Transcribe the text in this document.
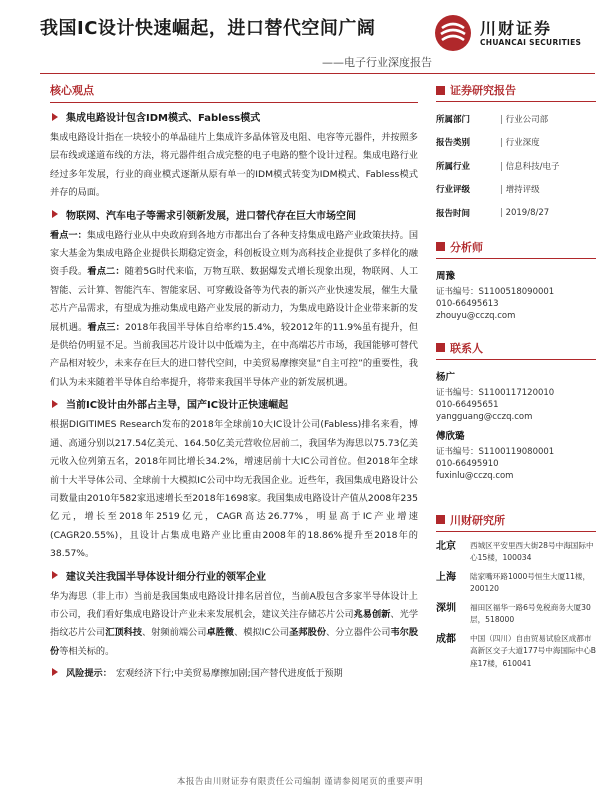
我国IC设计快速崛起，进口替代空间广阔
——电子行业深度报告
川财证券
CHUANCAI SECURITIES
核心观点
集成电路设计包含IDM模式、Fabless模式

集成电路设计指在一块较小的单晶硅片上集成许多晶体管及电阻、电容等元器件，并按照多层布线或遂道布线的方法，将元器件组合成完整的电子电路的整个设计过程。集成电路行业经过多年发展，行业的商业模式逐渐从原有单一的IDM模式转变为IDM模式、Fabless模式并存的局面。

物联网、汽车电子等需求引领新发展，进口替代存在巨大市场空间

看点一：集成电路行业从中央政府到各地方市都出台了各种支持集成电路产业政策扶持。国家大基金为集成电路企业提供长期稳定资金，科创板设立则为高科技企业提供了多样化的融资手段。看点二：随着5G时代来临，万物互联、数据爆发式增长现象出现，物联网、人工智能、云计算、智能汽车、智能家居、可穿戴设备等为代表的新兴产业快速发展，催生大量芯片产品需求，有望成为推动集成电路产业发展的新动力，为集成电路设计企业带来新的发展机遇。看点三：2018年我国半导体自给率约15.4%，较2012年的11.9%虽有提升，但是供给仍明显不足。当前我国芯片设计以中低端为主，在中高端芯片市场，我国能够可替代产品相对较少，未来存在巨大的进口替代空间，中美贸易摩擦突显“自主可控”的重要性，我们认为未来随着半导体自给率提升，将带来我国半导体产业的新发展机遇。

当前IC设计由外部占主导，国产IC设计正快速崛起

根据DIGITIMES Research发布的2018年全球前10大IC设计公司(Fabless)排名来看，博通、高通分别以217.54亿美元、164.50亿美元营收位居前二，我国华为海思以75.73亿美元收入位列第五名，2018年同比增长34.2%，增速居前十大IC公司首位。但2018年全球前十大半导体公司、全球前十大模拟IC公司中均无我国企业。近些年，我国集成电路设计公司数量由2010年582家迅速增长至2018年1698家。我国集成电路设计产值从2008年235亿元，增长至2018年2519亿元，CAGR高达26.77%，明显高于IC产业增速(CAGR20.55%)，且设计占集成电路产业比重由2008年的18.86%提升至2018年的38.57%。

建议关注我国半导体设计细分行业的领军企业

华为海思（非上市）当前是我国集成电路设计排名居首位，当前A股包含多家半导体设计上市公司，我们看好集成电路设计产业未来发展机会，建议关注存储芯片公司兆易创新、光学指纹芯片公司汇顶科技、射频前端公司卓胜微、模拟IC公司圣邦股份、分立器件公司韦尔股份等相关标的。

风险提示： 宏观经济下行;中美贸易摩擦加剧;国产替代进度低于预期
证券研究报告
所属部门	| 行业公司部
报告类别	| 行业深度
所属行业	| 信息科技/电子
行业评级	| 增持评级
报告时间	| 2019/8/27
分析师
周豫
证书编号：S1100518090001
010-66495613
zhouyu@cczq.com
联系人
杨广
证书编号：S1100117120010
010-66495651
yangguang@cczq.com
傅欣璐
证书编号：S1100119080001
010-66495910
fuxinlu@cczq.com
川财研究所
北京	西城区平安里西大街28号中海国际中心15楼，100034
上海	陆家嘴环路1000号恒生大厦11楼，200120
深圳	福田区福华一路6号免税商务大厦30层，518000
成都	中国（四川）自由贸易试验区成都市高新区交子大道177号中海国际中心B座17楼，610041
本报告由川财证券有限责任公司编制 谨请参阅尾页的重要声明
